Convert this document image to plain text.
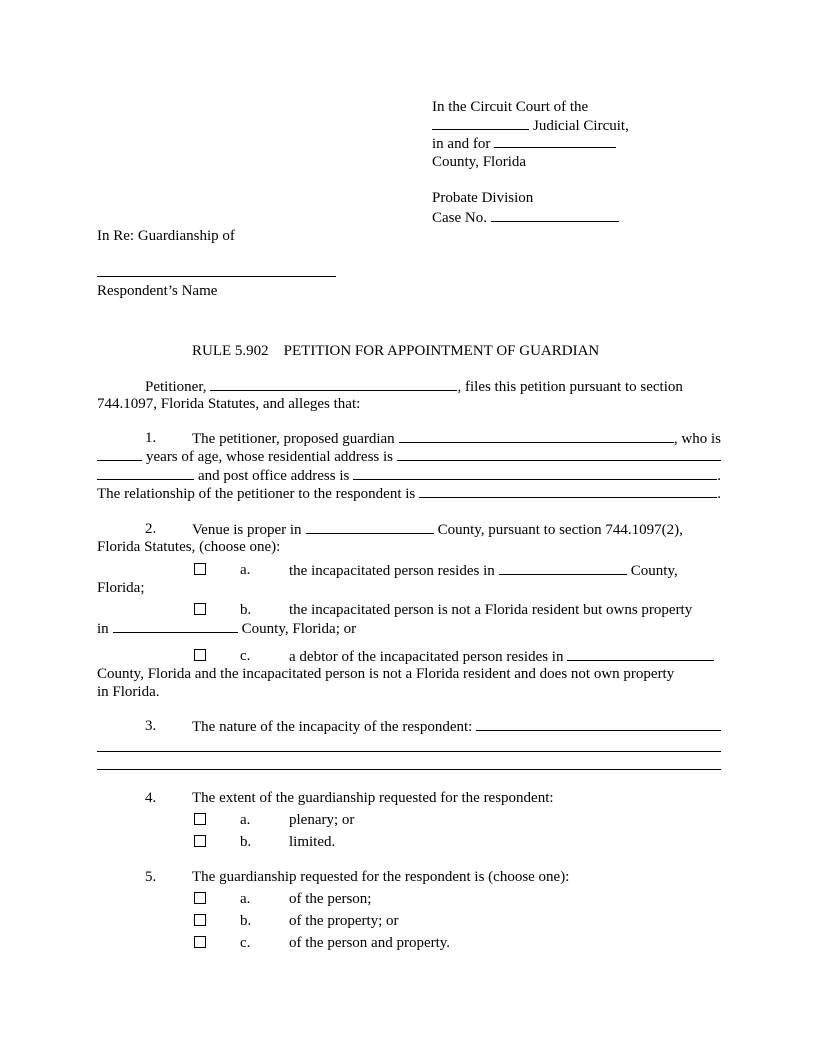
In the Circuit Court of the
Judicial Circuit,
in and for
County, Florida
Probate Division
Case No.
In Re: Guardianship of
Respondent’s Name
RULE 5.902    PETITION FOR APPOINTMENT OF GUARDIAN
Petitioner,	, files this petition pursuant to section
744.1097, Florida Statutes, and alleges that:
1. The petitioner, proposed guardian	, who is
years of age, whose residential address is
and post office address is	.
The relationship of the petitioner to the respondent is	.
2. Venue is proper in	County, pursuant to section 744.1097(2),
Florida Statutes, (choose one):
a.	the incapacitated person resides in	County,
Florida;
b.	the incapacitated person is not a Florida resident but owns property
in	County, Florida; or
c.	a debtor of the incapacitated person resides in
County, Florida and the incapacitated person is not a Florida resident and does not own property
in Florida.
3. The nature of the incapacity of the respondent:
4. The extent of the guardianship requested for the respondent:
a.	plenary; or
b.	limited.
5. The guardianship requested for the respondent is (choose one):
a.	of the person;
b.	of the property; or
c.	of the person and property.
